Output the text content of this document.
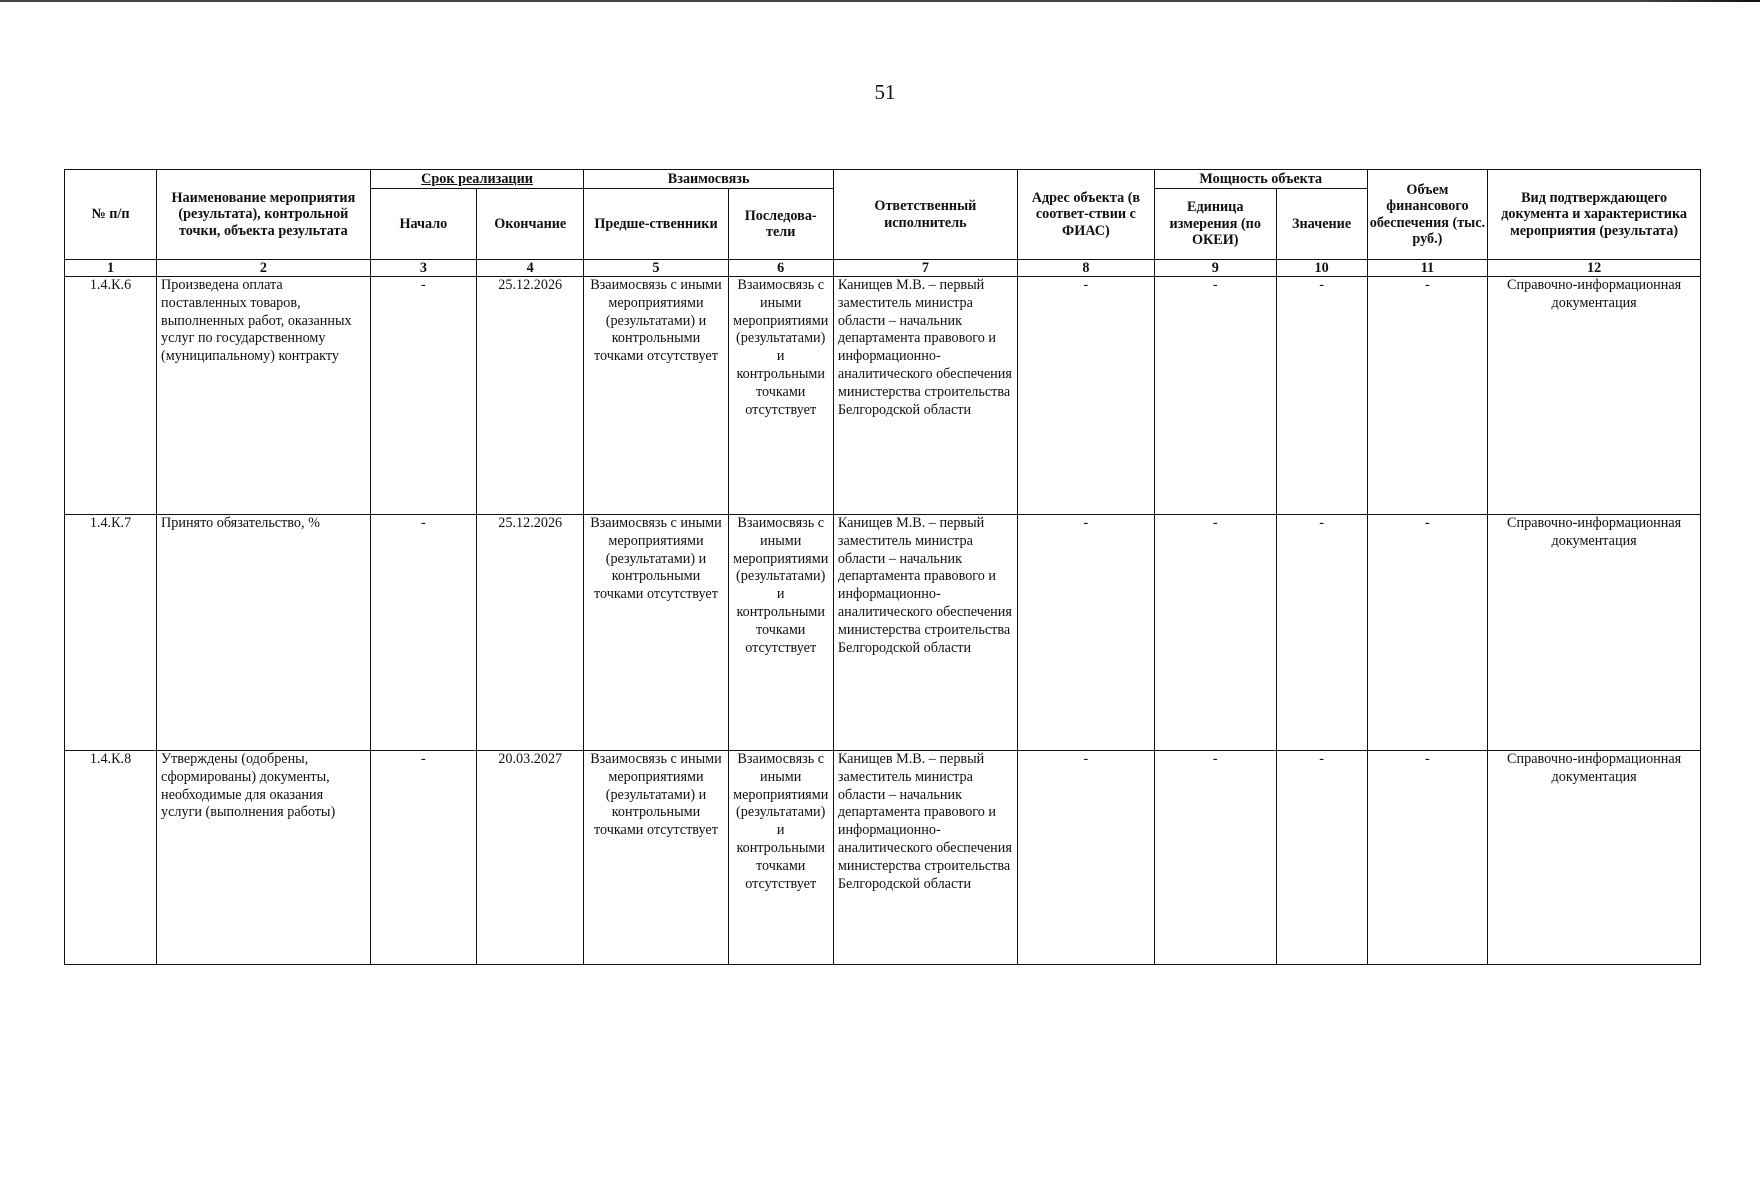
51
№ п/п	Наименование мероприятия (результата), контрольной точки, объекта результата	Срок реализации		Взаимосвязь		Ответственный исполнитель	Адрес объекта (в соответ-ствии с ФИАС)	Мощность объекта		Объем финансового обеспечения (тыс. руб.)	Вид подтверждающего документа и характеристика мероприятия (результата)
		Начало	Окончание	Предше-ственники	Последова-тели			Единица измерения (по ОКЕИ)	Значение		
1	2	3	4	5	6	7	8	9	10	11	12
1.4.К.6	Произведена оплата поставленных товаров, выполненных работ, оказанных услуг по государственному (муниципальному) контракту	-	25.12.2026	Взаимосвязь с иными мероприятиями (результатами) и контрольными точками отсутствует	Взаимосвязь с иными мероприятиями (результатами) и контрольными точками отсутствует	Канищев М.В. – первый заместитель министра области – начальник департамента правового и информационно-аналитического обеспечения министерства строительства Белгородской области	-	-	-	-	Справочно-информационная документация
1.4.К.7	Принято обязательство, %	-	25.12.2026	Взаимосвязь с иными мероприятиями (результатами) и контрольными точками отсутствует	Взаимосвязь с иными мероприятиями (результатами) и контрольными точками отсутствует	Канищев М.В. – первый заместитель министра области – начальник департамента правового и информационно-аналитического обеспечения министерства строительства Белгородской области	-	-	-	-	Справочно-информационная документация
1.4.К.8	Утверждены (одобрены, сформированы) документы, необходимые для оказания услуги (выполнения работы)	-	20.03.2027	Взаимосвязь с иными мероприятиями (результатами) и контрольными точками отсутствует	Взаимосвязь с иными мероприятиями (результатами) и контрольными точками отсутствует	Канищев М.В. – первый заместитель министра области – начальник департамента правового и информационно-аналитического обеспечения министерства строительства Белгородской области	-	-	-	-	Справочно-информационная документация
